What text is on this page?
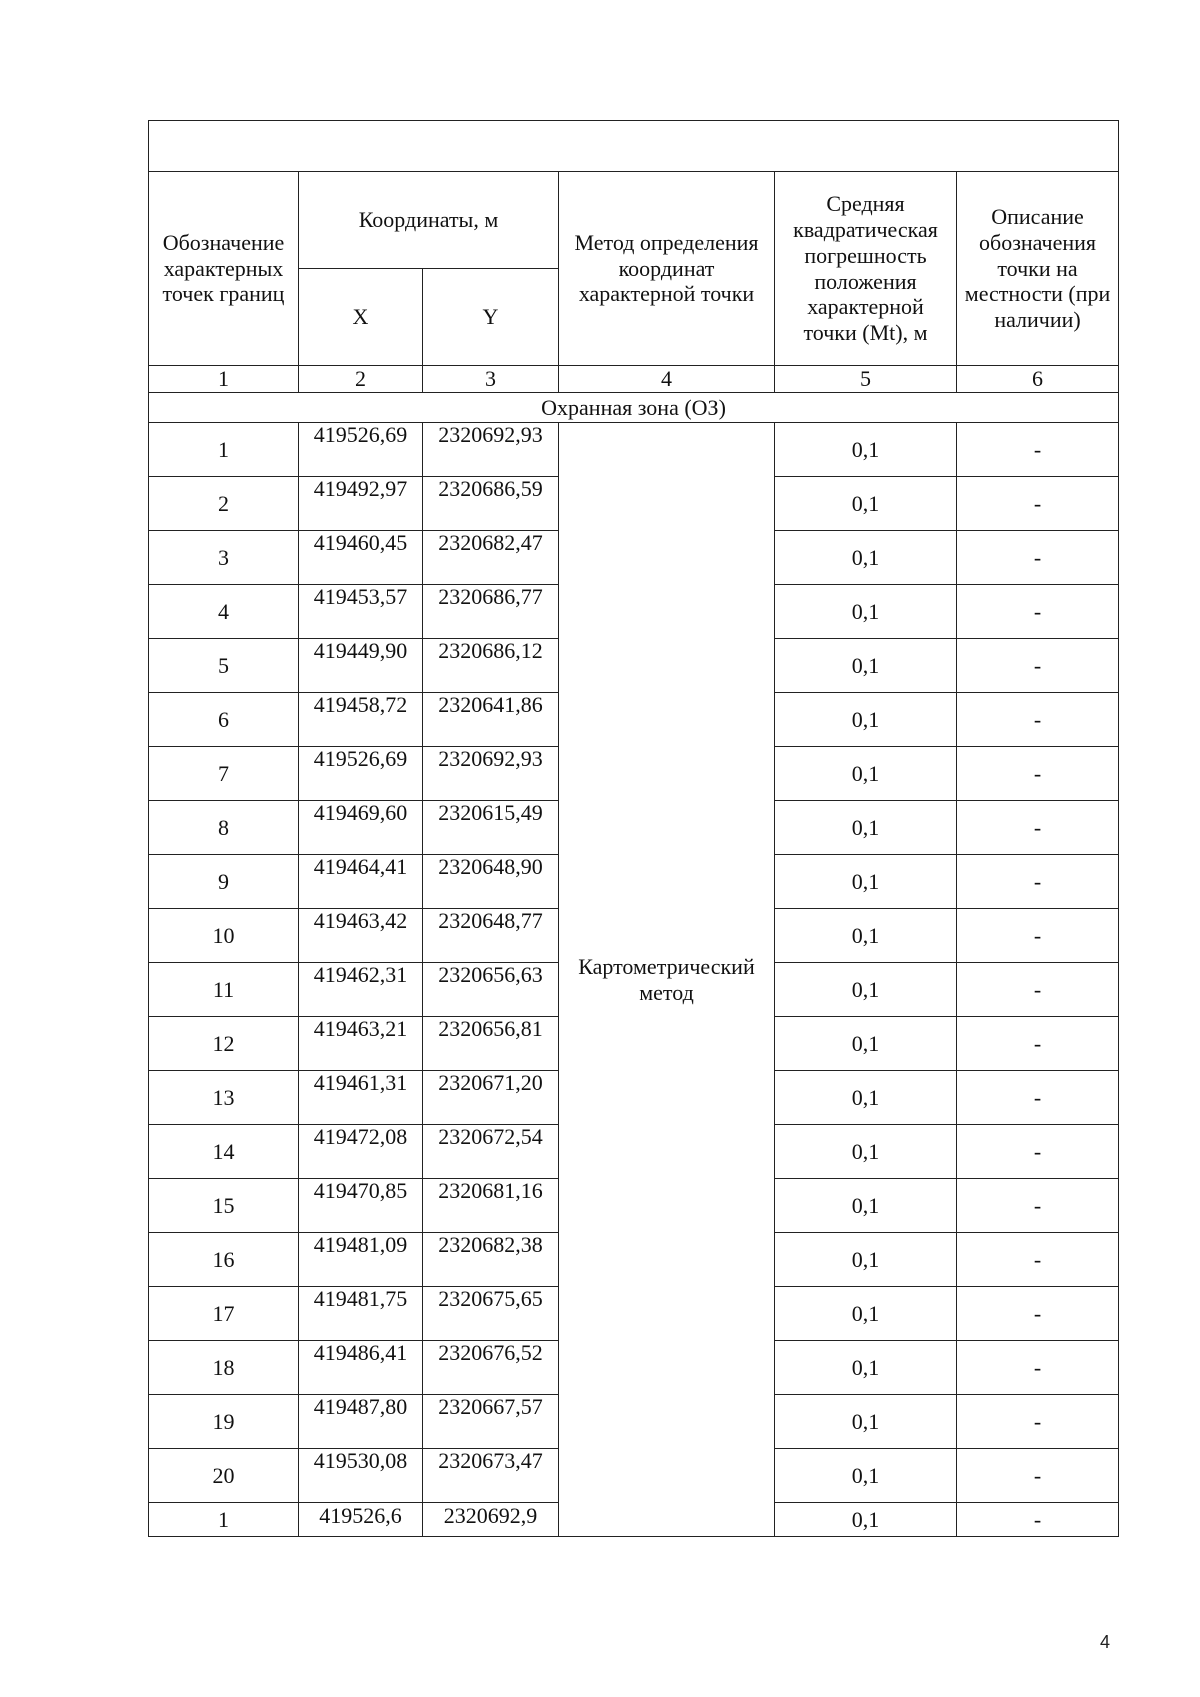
Обозначение характерных точек границ	Координаты, м		Метод определения координат характерной точки	Средняя квадратическая погрешность положения характерной точки (Mt), м	Описание обозначения точки на местности (при наличии)
	X	Y			
1	2	3	4	5	6
Охранная зона (ОЗ)					
1	419526,69	2320692,93	Картометрический метод	0,1	-
2	419492,97	2320686,59		0,1	-
3	419460,45	2320682,47		0,1	-
4	419453,57	2320686,77		0,1	-
5	419449,90	2320686,12		0,1	-
6	419458,72	2320641,86		0,1	-
7	419526,69	2320692,93		0,1	-
8	419469,60	2320615,49		0,1	-
9	419464,41	2320648,90		0,1	-
10	419463,42	2320648,77		0,1	-
11	419462,31	2320656,63		0,1	-
12	419463,21	2320656,81		0,1	-
13	419461,31	2320671,20		0,1	-
14	419472,08	2320672,54		0,1	-
15	419470,85	2320681,16		0,1	-
16	419481,09	2320682,38		0,1	-
17	419481,75	2320675,65		0,1	-
18	419486,41	2320676,52		0,1	-
19	419487,80	2320667,57		0,1	-
20	419530,08	2320673,47		0,1	-
1	419526,6	2320692,9		0,1	-
4
